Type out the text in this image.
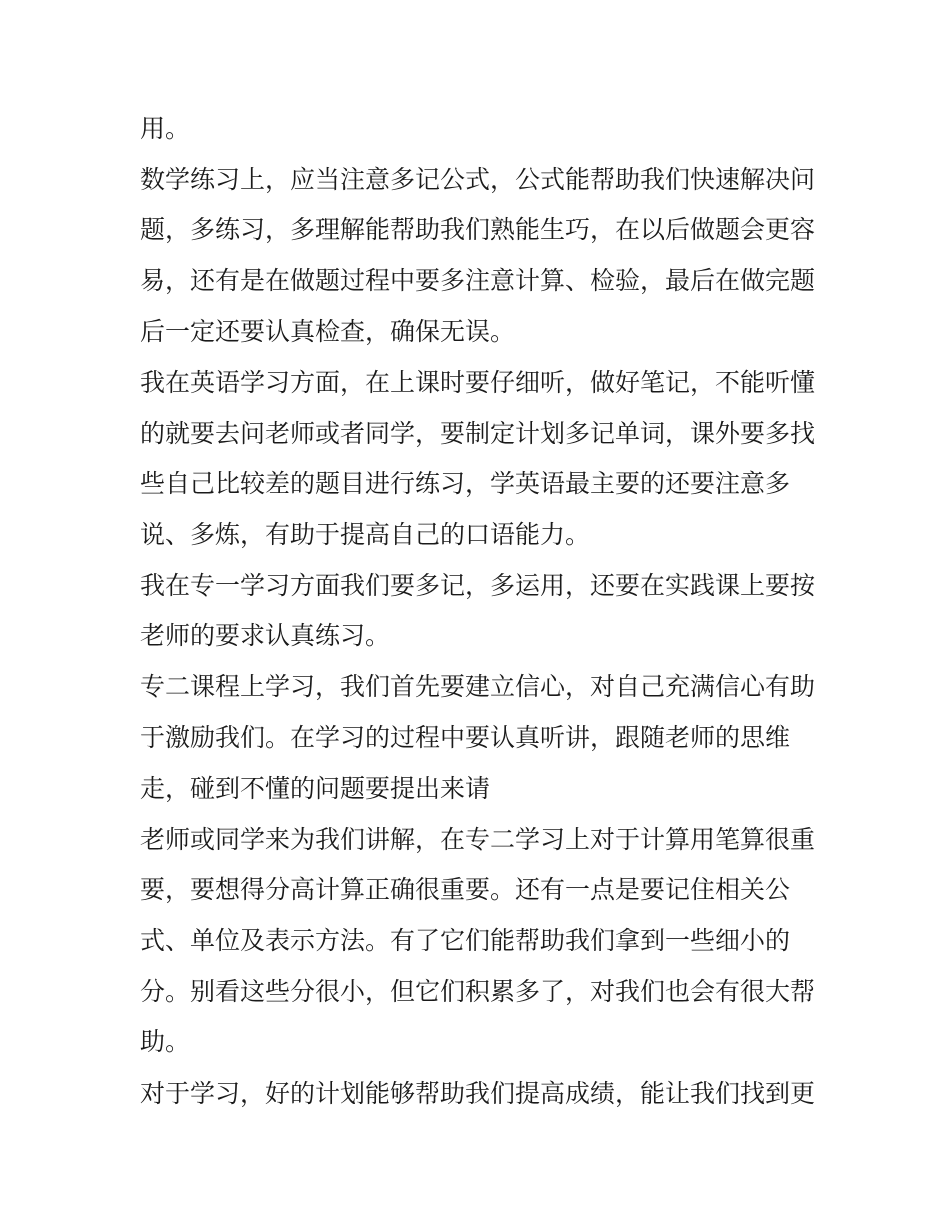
用。
数学练习上，应当注意多记公式，公式能帮助我们快速解决问
题，多练习，多理解能帮助我们熟能生巧，在以后做题会更容
易，还有是在做题过程中要多注意计算、检验，最后在做完题
后一定还要认真检查，确保无误。
我在英语学习方面，在上课时要仔细听，做好笔记，不能听懂
的就要去问老师或者同学，要制定计划多记单词，课外要多找
些自己比较差的题目进行练习，学英语最主要的还要注意多
说、多炼，有助于提高自己的口语能力。
我在专一学习方面我们要多记，多运用，还要在实践课上要按
老师的要求认真练习。
专二课程上学习，我们首先要建立信心，对自己充满信心有助
于激励我们。在学习的过程中要认真听讲，跟随老师的思维
走，碰到不懂的问题要提出来请
老师或同学来为我们讲解，在专二学习上对于计算用笔算很重
要，要想得分高计算正确很重要。还有一点是要记住相关公
式、单位及表示方法。有了它们能帮助我们拿到一些细小的
分。别看这些分很小，但它们积累多了，对我们也会有很大帮
助。
对于学习，好的计划能够帮助我们提高成绩，能让我们找到更
